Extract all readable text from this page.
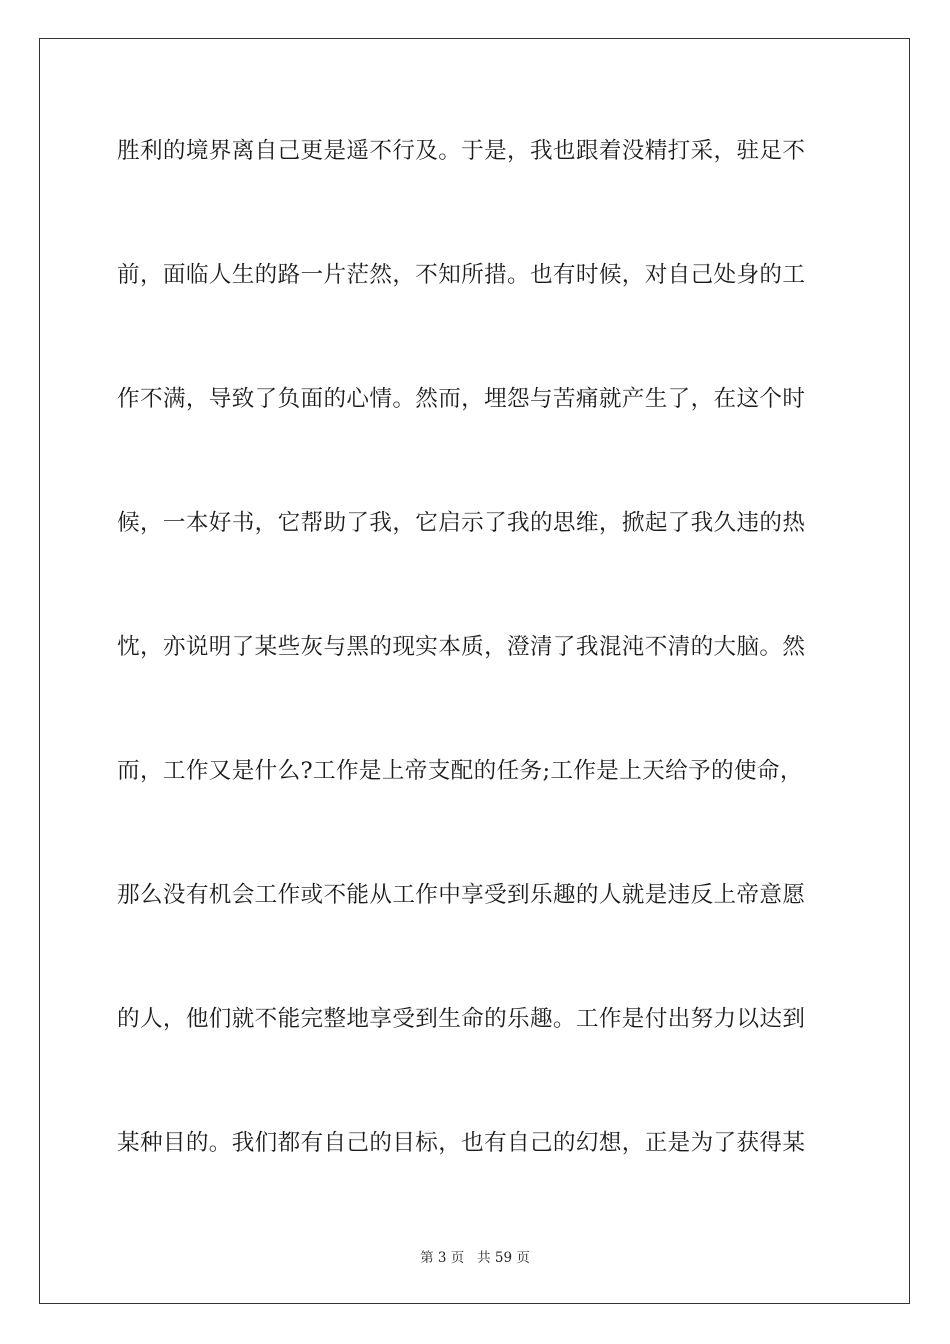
胜利的境界离自己更是遥不行及。于是，我也跟着没精打采，驻足不
前，面临人生的路一片茫然，不知所措。也有时候，对自己处身的工
作不满，导致了负面的心情。然而，埋怨与苦痛就产生了，在这个时
候，一本好书，它帮助了我，它启示了我的思维，掀起了我久违的热
忱，亦说明了某些灰与黑的现实本质，澄清了我混沌不清的大脑。然
而，工作又是什么?工作是上帝支配的任务;工作是上天给予的使命，
那么没有机会工作或不能从工作中享受到乐趣的人就是违反上帝意愿
的人，他们就不能完整地享受到生命的乐趣。工作是付出努力以达到
某种目的。我们都有自己的目标，也有自己的幻想，正是为了获得某
第 3 页 共 59 页
